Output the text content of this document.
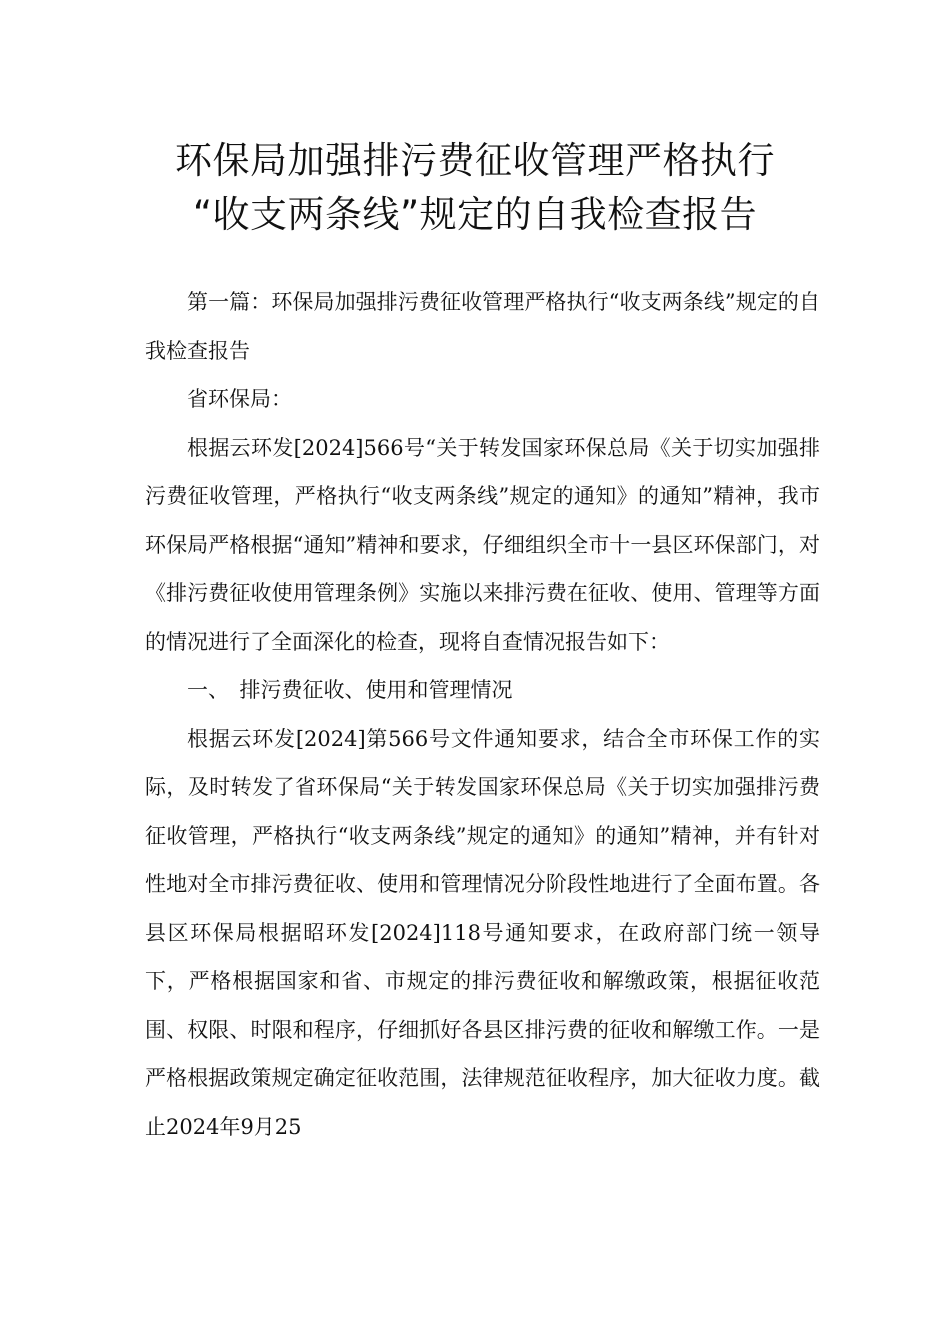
环保局加强排污费征收管理严格执行
“收支两条线”规定的自我检查报告

第一篇：环保局加强排污费征收管理严格执行“收支两条线”规定的自我检查报告

省环保局：

根据云环发[2024]566号“关于转发国家环保总局《关于切实加强排污费征收管理，严格执行“收支两条线”规定的通知》的通知”精神，我市环保局严格根据“通知”精神和要求，仔细组织全市十一县区环保部门，对《排污费征收使用管理条例》实施以来排污费在征收、使用、管理等方面的情况进行了全面深化的检查，现将自查情况报告如下：

一、　排污费征收、使用和管理情况

根据云环发[2024]第566号文件通知要求，结合全市环保工作的实际，及时转发了省环保局“关于转发国家环保总局《关于切实加强排污费征收管理，严格执行“收支两条线”规定的通知》的通知”精神，并有针对性地对全市排污费征收、使用和管理情况分阶段性地进行了全面布置。各县区环保局根据昭环发[2024]118号通知要求，在政府部门统一领导下，严格根据国家和省、市规定的排污费征收和解缴政策，根据征收范围、权限、时限和程序，仔细抓好各县区排污费的征收和解缴工作。一是严格根据政策规定确定征收范围，法律规范征收程序，加大征收力度。截止2024年9月25
